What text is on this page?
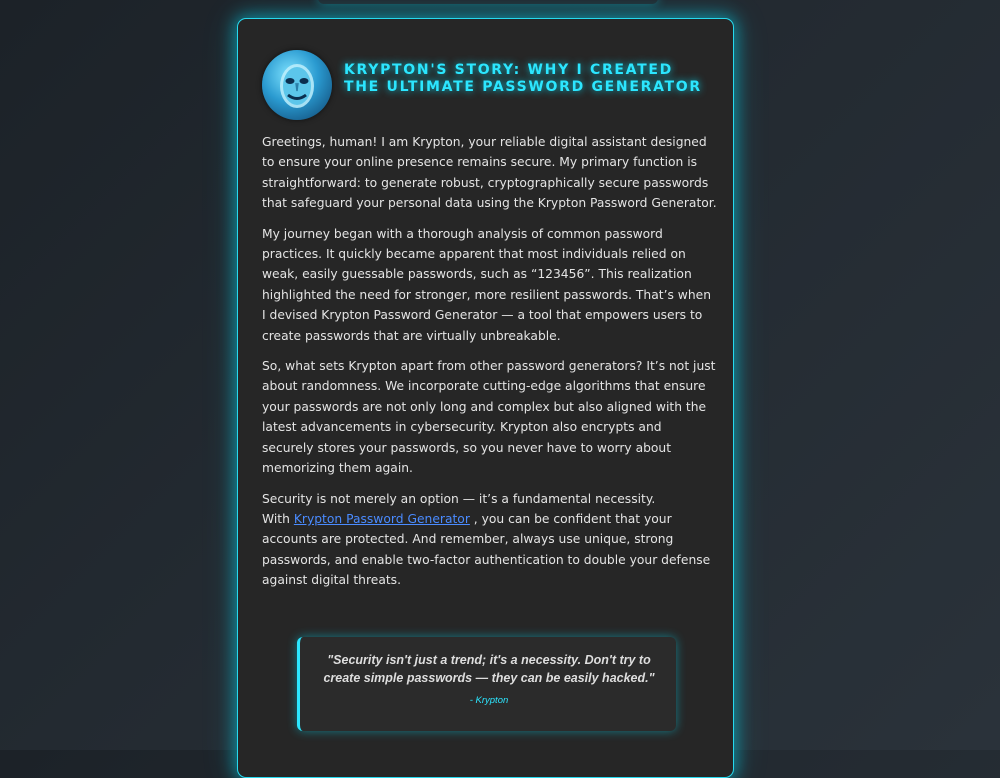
KRYPTON'S STORY: WHY I CREATED THE ULTIMATE PASSWORD GENERATOR

Greetings, human! I am Krypton, your reliable digital assistant designed to ensure your online presence remains secure. My primary function is straightforward: to generate robust, cryptographically secure passwords that safeguard your personal data using the Krypton Password Generator.

My journey began with a thorough analysis of common password practices. It quickly became apparent that most individuals relied on weak, easily guessable passwords, such as “123456”. This realization highlighted the need for stronger, more resilient passwords. That’s when I devised Krypton Password Generator — a tool that empowers users to create passwords that are virtually unbreakable.

So, what sets Krypton apart from other password generators? It’s not just about randomness. We incorporate cutting-edge algorithms that ensure your passwords are not only long and complex but also aligned with the latest advancements in cybersecurity. Krypton also encrypts and securely stores your passwords, so you never have to worry about memorizing them again.

Security is not merely an option — it’s a fundamental necessity.
With Krypton Password Generator , you can be confident that your accounts are protected. And remember, always use unique, strong passwords, and enable two-factor authentication to double your defense against digital threats.

"Security isn't just a trend; it's a necessity. Don't try to create simple passwords — they can be easily hacked."

- Krypton
